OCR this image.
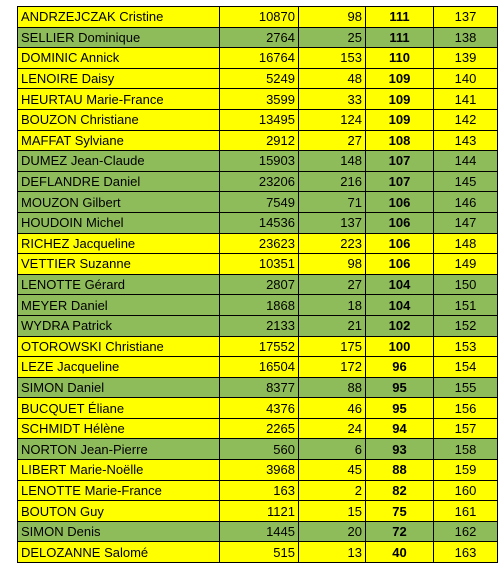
ANDRZEJCZAK Cristine	10870	98	111	137
SELLIER Dominique	2764	25	111	138
DOMINIC Annick	16764	153	110	139
LENOIRE Daisy	5249	48	109	140
HEURTAU Marie-France	3599	33	109	141
BOUZON Christiane	13495	124	109	142
MAFFAT Sylviane	2912	27	108	143
DUMEZ Jean-Claude	15903	148	107	144
DEFLANDRE Daniel	23206	216	107	145
MOUZON Gilbert	7549	71	106	146
HOUDOIN Michel	14536	137	106	147
RICHEZ Jacqueline	23623	223	106	148
VETTIER Suzanne	10351	98	106	149
LENOTTE Gérard	2807	27	104	150
MEYER Daniel	1868	18	104	151
WYDRA Patrick	2133	21	102	152
OTOROWSKI Christiane	17552	175	100	153
LEZE Jacqueline	16504	172	96	154
SIMON Daniel	8377	88	95	155
BUCQUET Éliane	4376	46	95	156
SCHMIDT Hélène	2265	24	94	157
NORTON Jean-Pierre	560	6	93	158
LIBERT Marie-Noëlle	3968	45	88	159
LENOTTE Marie-France	163	2	82	160
BOUTON Guy	1121	15	75	161
SIMON Denis	1445	20	72	162
DELOZANNE Salomé	515	13	40	163
